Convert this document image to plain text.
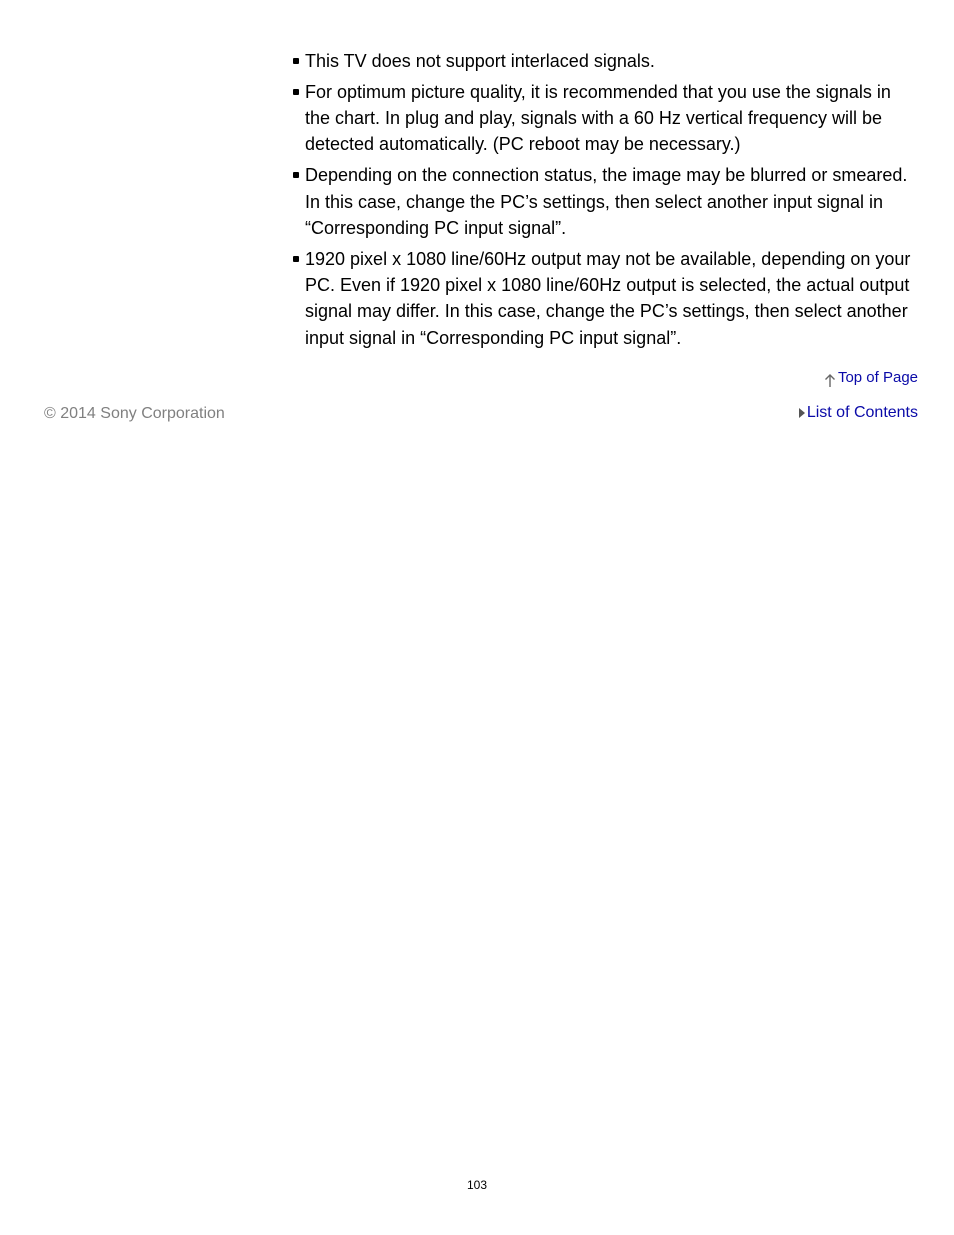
This TV does not support interlaced signals.
For optimum picture quality, it is recommended that you use the signals in the chart. In plug and play, signals with a 60 Hz vertical frequency will be detected automatically. (PC reboot may be necessary.)
Depending on the connection status, the image may be blurred or smeared. In this case, change the PC’s settings, then select another input signal in “Corresponding PC input signal”.
1920 pixel x 1080 line/60Hz output may not be available, depending on your PC. Even if 1920 pixel x 1080 line/60Hz output is selected, the actual output signal may differ. In this case, change the PC’s settings, then select another input signal in “Corresponding PC input signal”.
Top of Page
© 2014 Sony Corporation	List of Contents
103
